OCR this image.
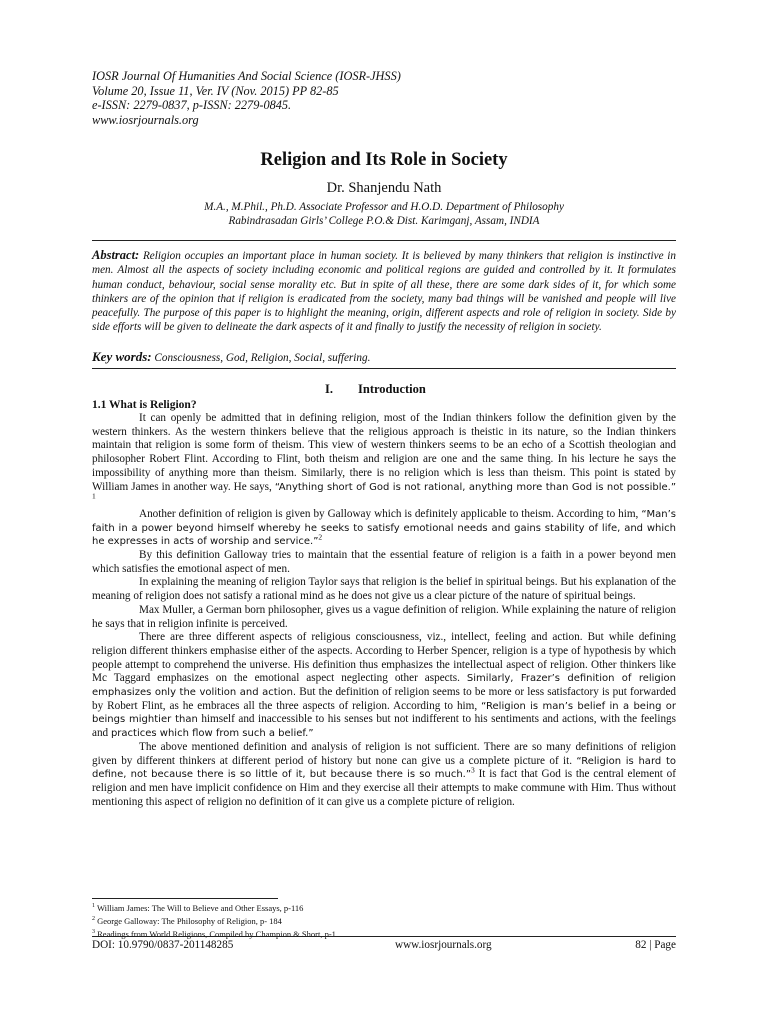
IOSR Journal Of Humanities And Social Science (IOSR-JHSS)
Volume 20, Issue 11, Ver. IV (Nov. 2015) PP 82-85
e-ISSN: 2279-0837, p-ISSN: 2279-0845.
www.iosrjournals.org
Religion and Its Role in Society
Dr. Shanjendu Nath
M.A., M.Phil., Ph.D. Associate Professor and H.O.D. Department of Philosophy
Rabindrasadan Girls’ College P.O.& Dist. Karimganj, Assam, INDIA
Abstract: Religion occupies an important place in human society. It is believed by many thinkers that religion is instinctive in men. Almost all the aspects of society including economic and political regions are guided and controlled by it. It formulates human conduct, behaviour, social sense morality etc. But in spite of all these, there are some dark sides of it, for which some thinkers are of the opinion that if religion is eradicated from the society, many bad things will be vanished and people will live peacefully. The purpose of this paper is to highlight the meaning, origin, different aspects and role of religion in society. Side by side efforts will be given to delineate the dark aspects of it and finally to justify the necessity of religion in society.
Key words: Consciousness, God, Religion, Social, suffering.
I. Introduction
1.1 What is Religion?

It can openly be admitted that in defining religion, most of the Indian thinkers follow the definition given by the western thinkers. As the western thinkers believe that the religious approach is theistic in its nature, so the Indian thinkers maintain that religion is some form of theism. This view of western thinkers seems to be an echo of a Scottish theologian and philosopher Robert Flint. According to Flint, both theism and religion are one and the same thing. In his lecture he says the impossibility of anything more than theism. Similarly, there is no religion which is less than theism. This point is stated by William James in another way. He says, “Anything short of God is not rational, anything more than God is not possible.” $^1$

Another definition of religion is given by Galloway which is definitely applicable to theism. According to him, “Man’s faith in a power beyond himself whereby he seeks to satisfy emotional needs and gains stability of life, and which he expresses in acts of worship and service.”$^2$

By this definition Galloway tries to maintain that the essential feature of religion is a faith in a power beyond men which satisfies the emotional aspect of men.

In explaining the meaning of religion Taylor says that religion is the belief in spiritual beings. But his explanation of the meaning of religion does not satisfy a rational mind as he does not give us a clear picture of the nature of spiritual beings.

Max Muller, a German born philosopher, gives us a vague definition of religion. While explaining the nature of religion he says that in religion infinite is perceived.

There are three different aspects of religious consciousness, viz., intellect, feeling and action. But while defining religion different thinkers emphasise either of the aspects. According to Herber Spencer, religion is a type of hypothesis by which people attempt to comprehend the universe. His definition thus emphasizes the intellectual aspect of religion. Other thinkers like Mc Taggard emphasizes on the emotional aspect neglecting other aspects. Similarly, Frazer’s definition of religion emphasizes only the volition and action. But the definition of religion seems to be more or less satisfactory is put forwarded by Robert Flint, as he embraces all the three aspects of religion. According to him, “Religion is man’s belief in a being or beings mightier than himself and inaccessible to his senses but not indifferent to his sentiments and actions, with the feelings and practices which flow from such a belief.”

The above mentioned definition and analysis of religion is not sufficient. There are so many definitions of religion given by different thinkers at different period of history but none can give us a complete picture of it. “Religion is hard to define, not because there is so little of it, but because there is so much.”$^3$ It is fact that God is the central element of religion and men have implicit confidence on Him and they exercise all their attempts to make commune with Him. Thus without mentioning this aspect of religion no definition of it can give us a complete picture of religion.

$^1$ William James: The Will to Believe and Other Essays, p-116
$^2$ George Galloway: The Philosophy of Religion, p- 184
$^3$ Readings from World Religions, Compiled by Champion & Short, p-1
DOI: 10.9790/0837-201148285	www.iosrjournals.org	82 | Page
